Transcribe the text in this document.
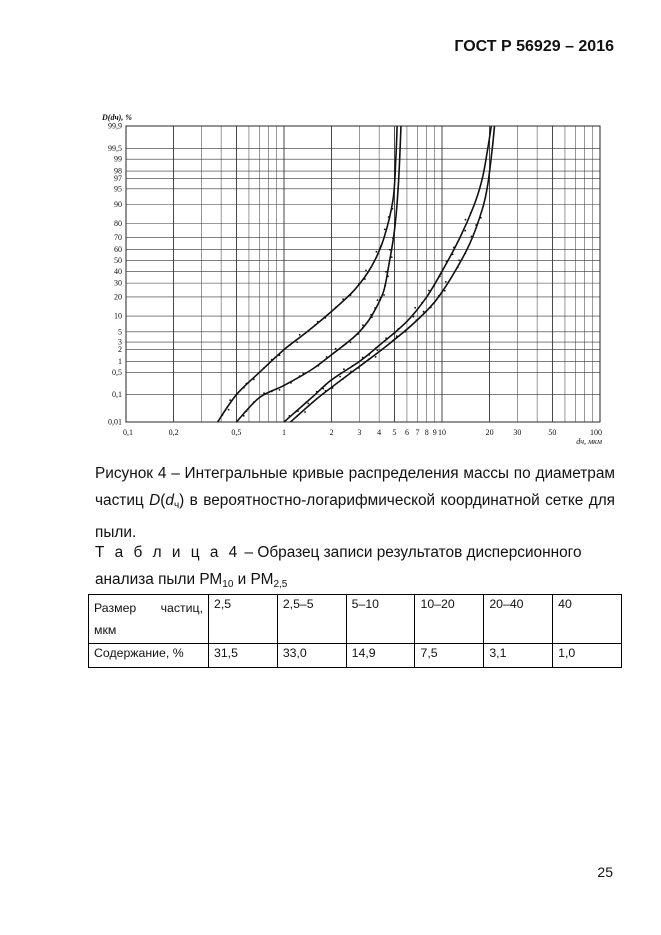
ГОСТ Р 56929 – 2016
0,01
0,1
0,5
1
2
3
5
10
20
30
40
50
60
70
80
90
95
97
98
99
99,5
99,9
0,1	0,2	0,5	1	2	3 4 5 6 7 8 9 10	20 30	50	100
D(dч), %
dч, мкм
Рисунок 4 – Интегральные кривые распределения массы по диаметрам частиц $D(d_ч)$ в вероятностно-логарифмической координатной сетке для пыли.
Т а б л и ц а 4 – Образец записи результатов дисперсионного анализа пыли $РМ_{10}$ и $РМ_{2,5}$
Размер частиц,
мкм	2,5	2,5–5	5–10	10–20	20–40	40
Содержание, %	31,5	33,0	14,9	7,5	3,1	1,0
25
